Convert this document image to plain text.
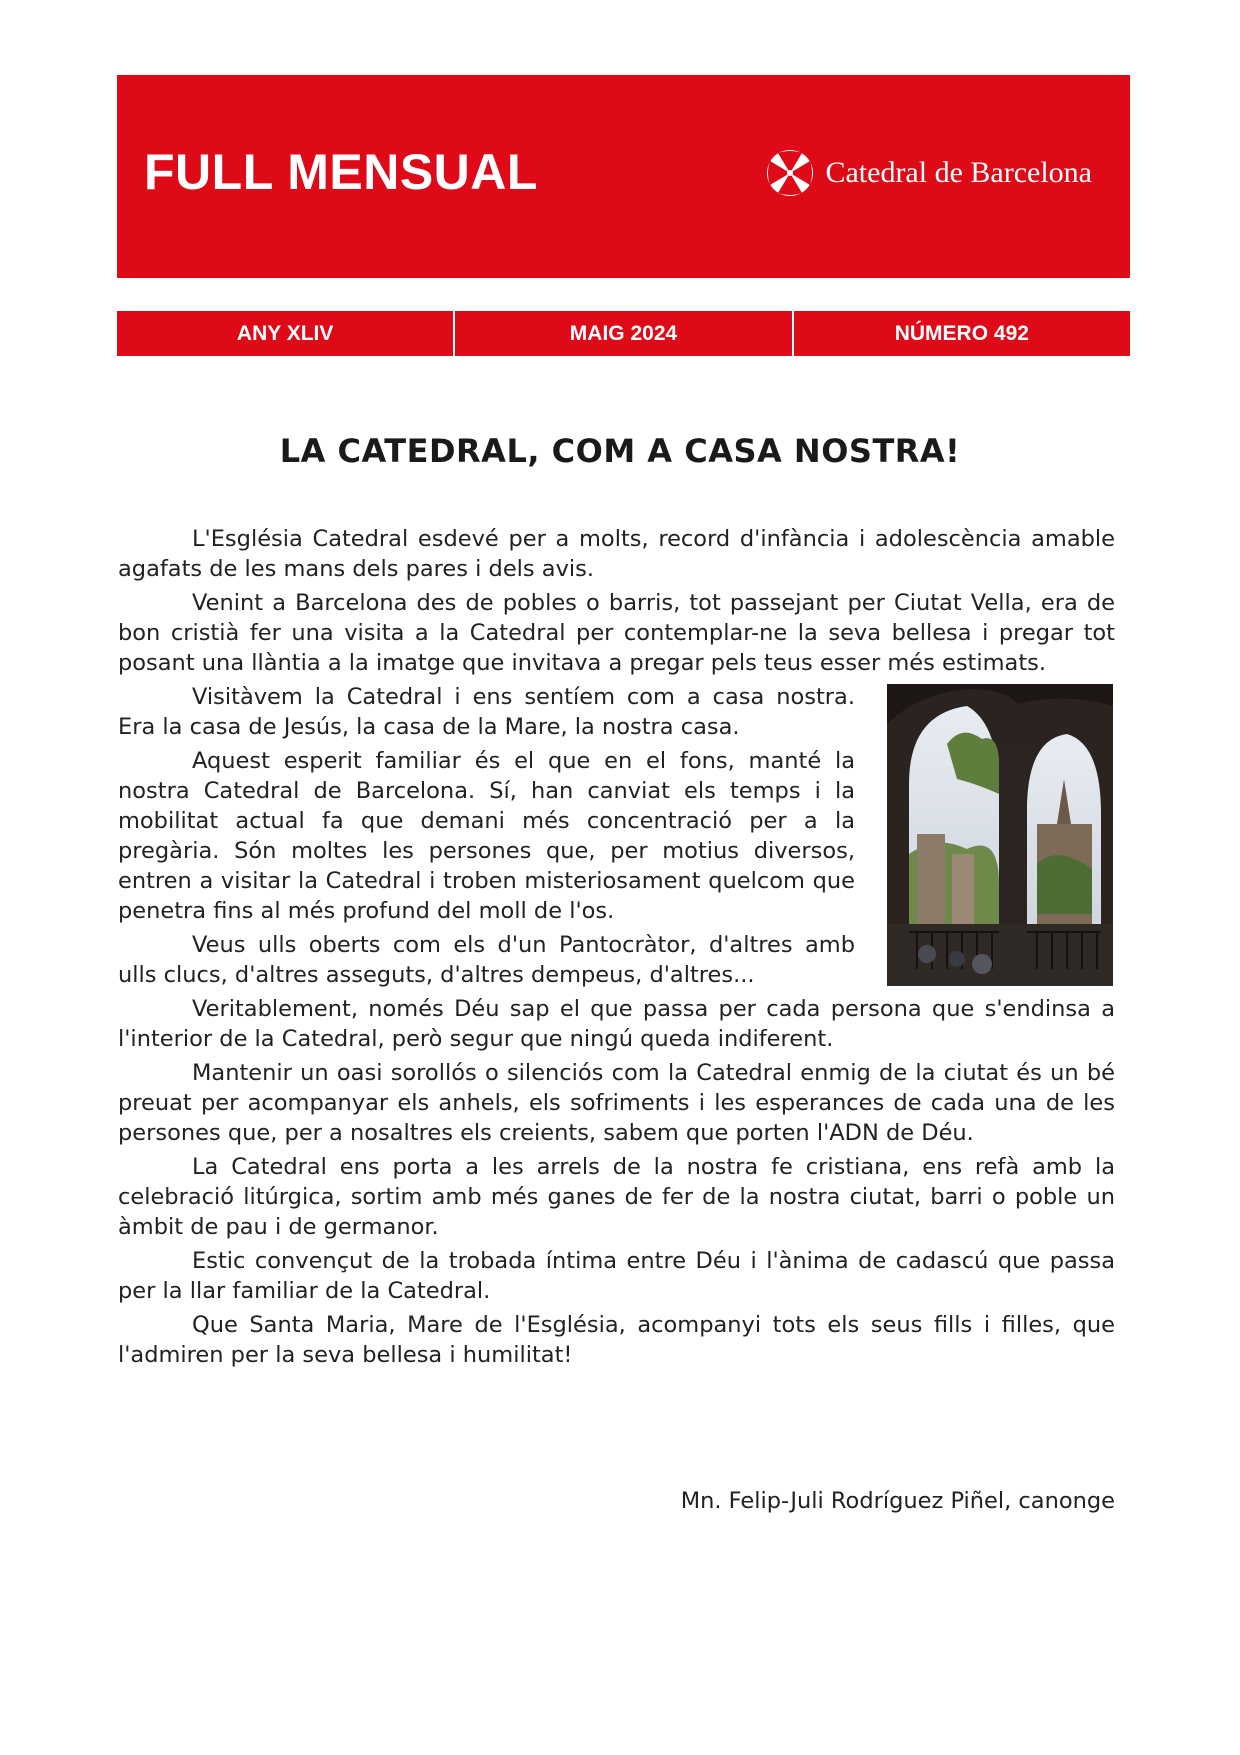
FULL MENSUAL	Catedral de Barcelona
ANY XLIV	MAIG 2024	NÚMERO 492
LA CATEDRAL, COM A CASA NOSTRA!

L'Església Catedral esdevé per a molts, record d'infància i adolescència amable agafats de les mans dels pares i dels avis.

Venint a Barcelona des de pobles o barris, tot passejant per Ciutat Vella, era de bon cristià fer una visita a la Catedral per contemplar-ne la seva bellesa i pregar tot posant una llàntia a la imatge que invitava a pregar pels teus esser més estimats.

Visitàvem la Catedral i ens sentíem com a casa nostra. Era la casa de Jesús, la casa de la Mare, la nostra casa.

Aquest esperit familiar és el que en el fons, manté la nostra Catedral de Barcelona. Sí, han canviat els temps i la mobilitat actual fa que demani més concentració per a la pregària. Són moltes les persones que, per motius diversos, entren a visitar la Catedral i troben misteriosament quelcom que penetra fins al més profund del moll de l'os.

Veus ulls oberts com els d'un Pantocràtor, d'altres amb ulls clucs, d'altres asseguts, d'altres dempeus, d'altres...

Veritablement, només Déu sap el que passa per cada persona que s'endinsa a l'interior de la Catedral, però segur que ningú queda indiferent.

Mantenir un oasi sorollós o silenciós com la Catedral enmig de la ciutat és un bé preuat per acompanyar els anhels, els sofriments i les esperances de cada una de les persones que, per a nosaltres els creients, sabem que porten l'ADN de Déu.

La Catedral ens porta a les arrels de la nostra fe cristiana, ens refà amb la celebració litúrgica, sortim amb més ganes de fer de la nostra ciutat, barri o poble un àmbit de pau i de germanor.

Estic convençut de la trobada íntima entre Déu i l'ànima de cadascú que passa per la llar familiar de la Catedral.

Que Santa Maria, Mare de l'Església, acompanyi tots els seus fills i filles, que l'admiren per la seva bellesa i humilitat!

Mn. Felip-Juli Rodríguez Piñel, canonge
